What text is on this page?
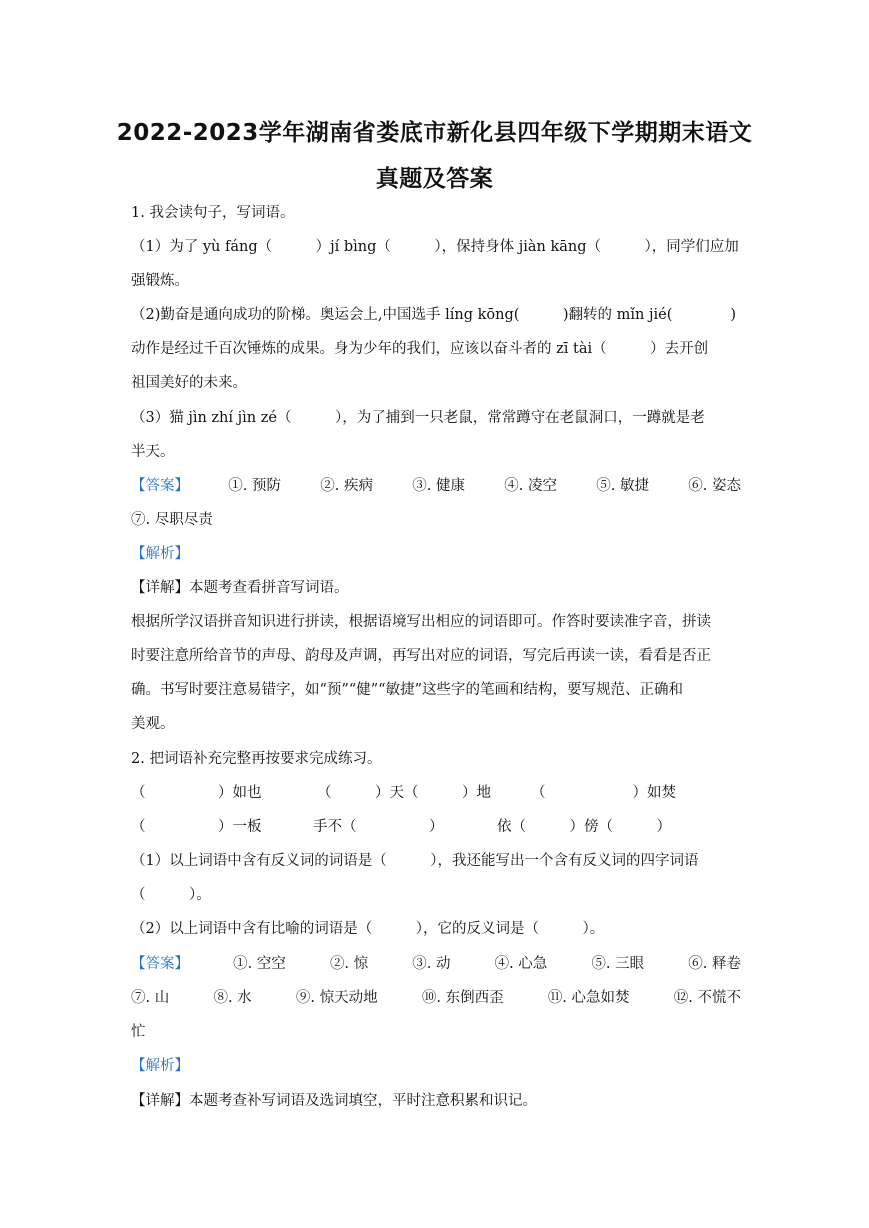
2022-2023学年湖南省娄底市新化县四年级下学期期末语文
真题及答案
1. 我会读句子，写词语。
（1）为了 yù fáng（　　　）jí bìng（　　　），保持身体 jiàn kāng（　　　），同学们应加
强锻炼。
（2)勤奋是通向成功的阶梯。奥运会上,中国选手 líng kōng(　　　)翻转的 mǐn jié(　　　　)
动作是经过千百次锤炼的成果。身为少年的我们，应该以奋斗者的 zī tài（　　　）去开创
祖国美好的未来。
（3）猫 jìn zhí jìn zé（　　　），为了捕到一只老鼠，常常蹲守在老鼠洞口，一蹲就是老
半天。
【答案】	①. 预防	②. 疾病	③. 健康	④. 凌空	⑤. 敏捷	⑥. 姿态
⑦. 尽职尽责
【解析】
【详解】本题考查看拼音写词语。
根据所学汉语拼音知识进行拼读，根据语境写出相应的词语即可。作答时要读准字音，拼读
时要注意所给音节的声母、韵母及声调，再写出对应的词语，写完后再读一读，看看是否正
确。书写时要注意易错字，如“预”“健”“敏捷”这些字的笔画和结构，要写规范、正确和
美观。
2. 把词语补充完整再按要求完成练习。
（　　　　　）如也	（　　　）天（　　　）地	（　　　　　　）如焚
（　　　　　）一板	手不（　　　　　）	依（　　　）傍（　　　）
（1）以上词语中含有反义词的词语是（　　　），我还能写出一个含有反义词的四字词语
（　　　）。
（2）以上词语中含有比喻的词语是（　　　），它的反义词是（　　　）。
【答案】	①. 空空	②. 惊	③. 动	④. 心急	⑤. 三眼	⑥. 释卷
⑦. 山	⑧. 水	⑨. 惊天动地	⑩. 东倒西歪	⑪. 心急如焚	⑫. 不慌不
忙
【解析】
【详解】本题考查补写词语及选词填空，平时注意积累和识记。
